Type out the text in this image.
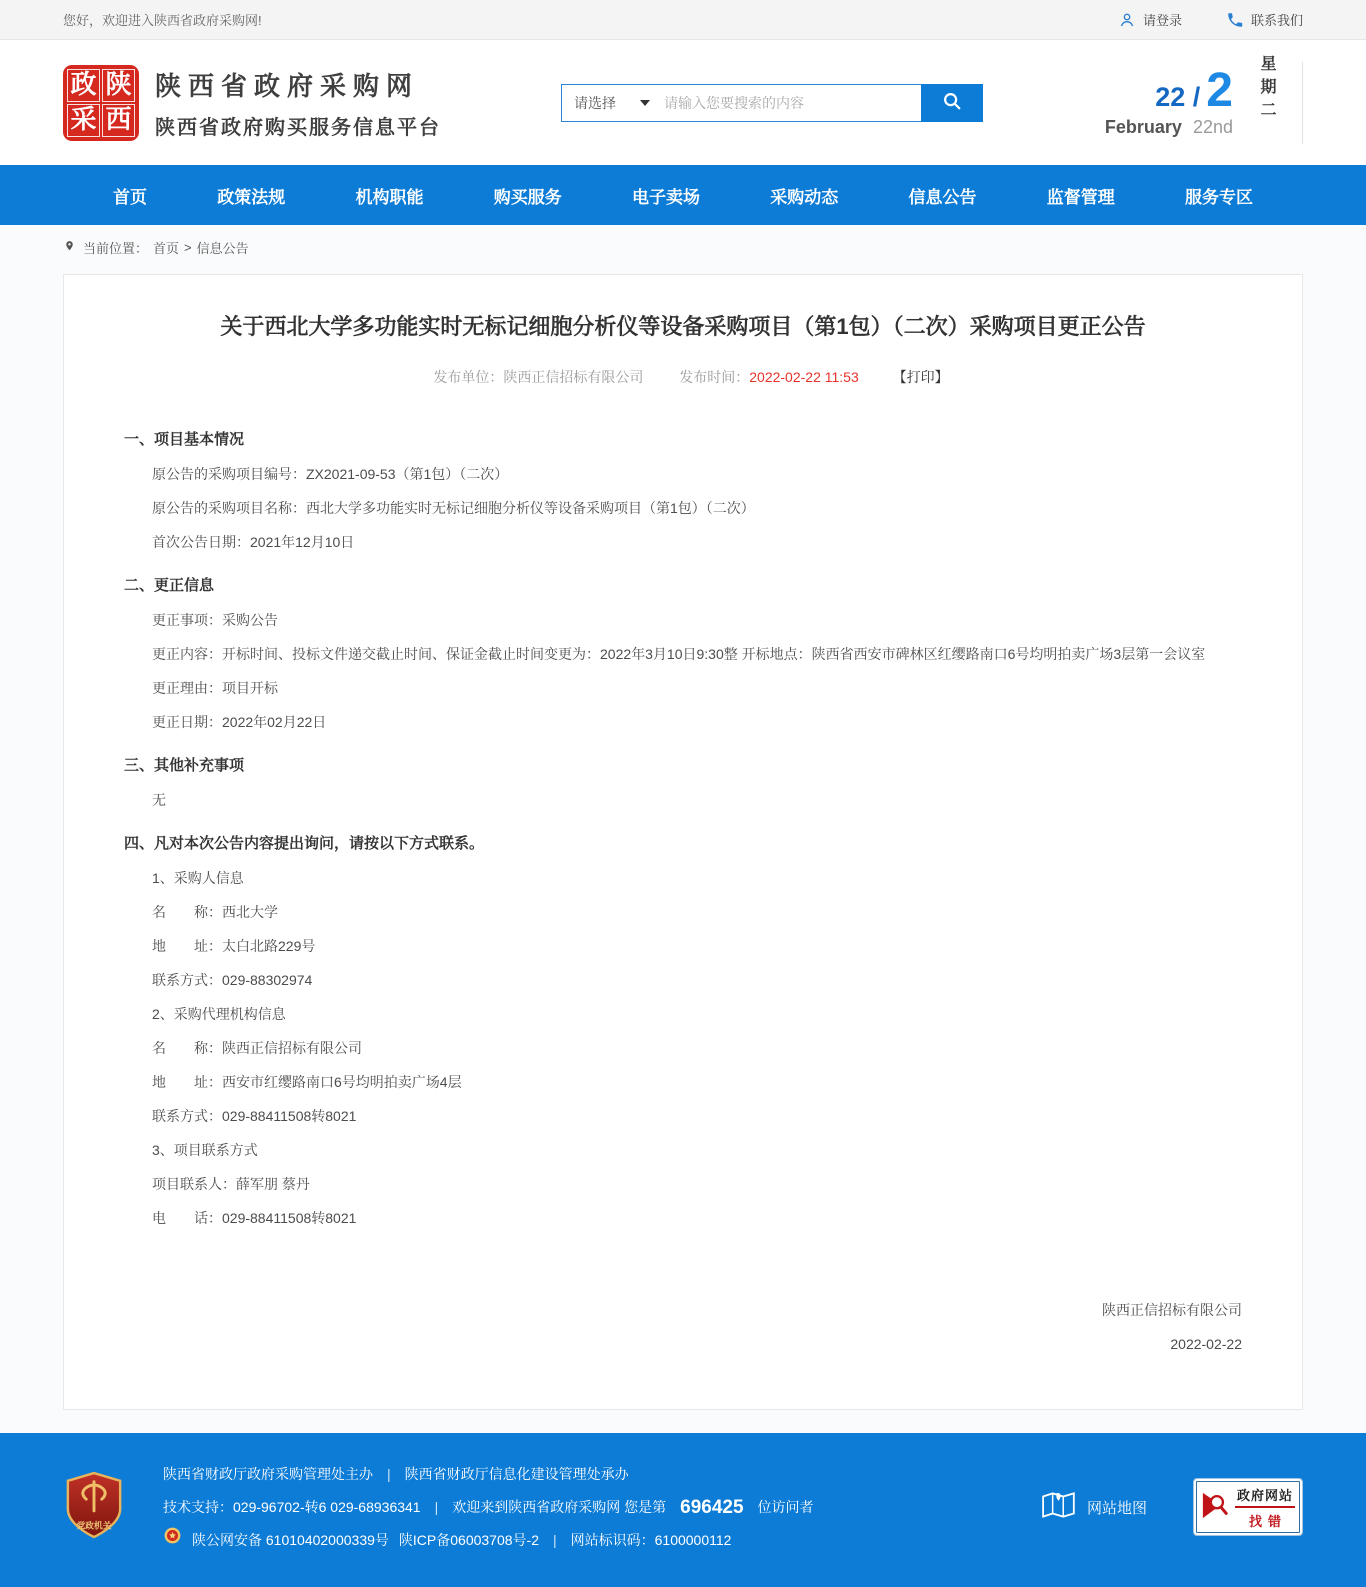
您好，欢迎进入陕西省政府采购网!	请登录	联系我们
政 陕
采 西
陕西省政府采购网
陕西省政府购买服务信息平台
请选择
请输入您要搜索的内容	22 / 2
February 22nd
星期二
首页	政策法规	机构职能	购买服务	电子卖场	采购动态	信息公告	监督管理	服务专区
当前位置： 首页 > 信息公告
关于西北大学多功能实时无标记细胞分析仪等设备采购项目（第1包）（二次）采购项目更正公告
发布单位：陕西正信招标有限公司	发布时间：2022-02-22 11:53 【打印】
一、项目基本情况

原公告的采购项目编号：ZX2021-09-53（第1包）（二次）

原公告的采购项目名称：西北大学多功能实时无标记细胞分析仪等设备采购项目（第1包）（二次）

首次公告日期：2021年12月10日

二、更正信息

更正事项：采购公告

更正内容：开标时间、投标文件递交截止时间、保证金截止时间变更为：2022年3月10日9:30整 开标地点：陕西省西安市碑林区红缨路南口6号均明拍卖广场3层第一会议室

更正理由：项目开标

更正日期：2022年02月22日

三、其他补充事项

无

四、凡对本次公告内容提出询问，请按以下方式联系。

1、采购人信息

名　　称：西北大学

地　　址：太白北路229号

联系方式：029-88302974

2、采购代理机构信息

名　　称：陕西正信招标有限公司

地　　址：西安市红缨路南口6号均明拍卖广场4层

联系方式：029-88411508转8021

3、项目联系方式

项目联系人：薛军朋 蔡丹

电　　话：029-88411508转8021

陕西正信招标有限公司
2022-02-22
党政机关
陕西省财政厅政府采购管理处主办 | 陕西省财政厅信息化建设管理处承办
技术支持：029-96702-转6 029-68936341 | 欢迎来到陕西省政府采购网 您是第 696425 位访问者
陕公网安备 61010402000339号 陕ICP备06003708号-2 | 网站标识码：6100000112
网站地图
政府网站
找错
